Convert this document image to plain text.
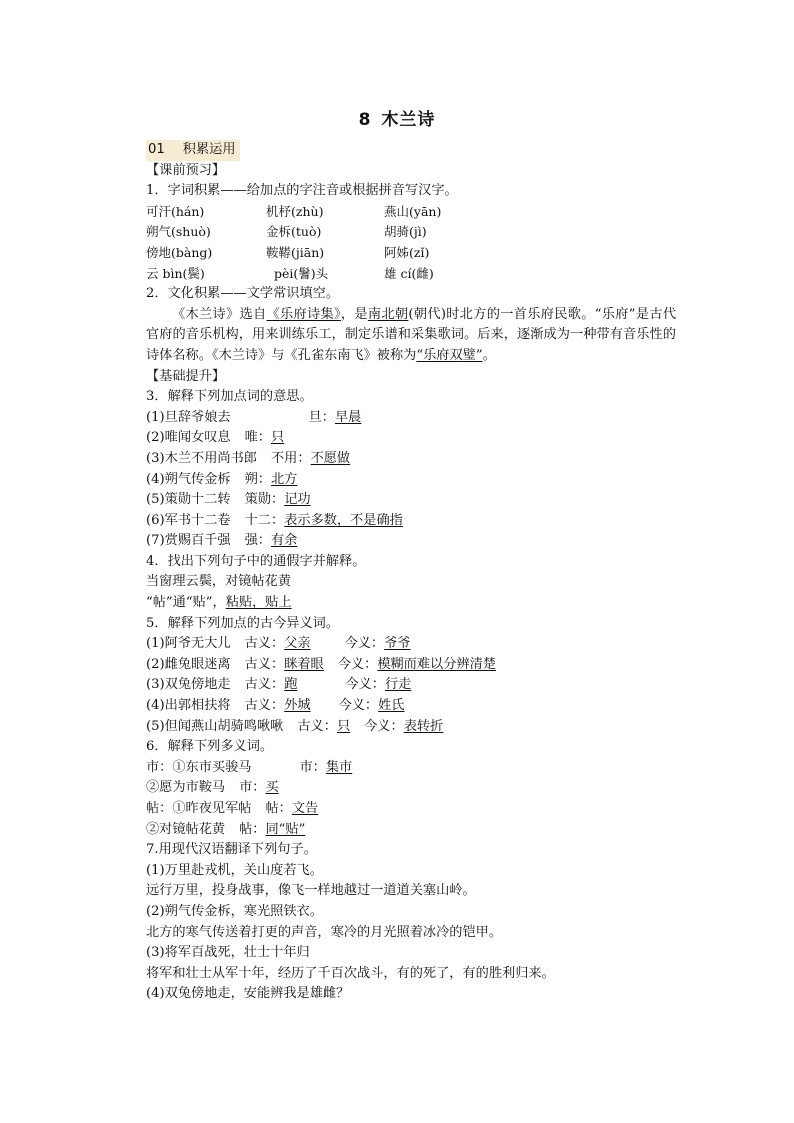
8 木兰诗
01 积累运用
【课前预习】
1．字词积累——给加点的字注音或根据拼音写汉字。
可汗(hán)	机杼(zhù)	燕山(yān)
朔气(shuò)	金柝(tuò)	胡骑(jì)
傍地(bàng)	鞍鞯(jiān)	阿姊(zǐ)
云 bìn(鬓)	pèi(鬐)头	雄 cí(雌)
2．文化积累——文学常识填空。
《木兰诗》选自《乐府诗集》，是南北朝(朝代)时北方的一首乐府民歌。“乐府”是古代官府的音乐机构，用来训练乐工，制定乐谱和采集歌词。后来，逐渐成为一种带有音乐性的诗体名称。《木兰诗》与《孔雀东南飞》被称为“乐府双璧”。
【基础提升】
3．解释下列加点词的意思。
(1)旦辞爷娘去	旦：早晨
(2)唯闻女叹息 唯：只
(3)木兰不用尚书郎 不用：不愿做
(4)朔气传金柝 朔：北方
(5)策勋十二转 策勋：记功
(6)军书十二卷 十二：表示多数，不是确指
(7)赏赐百千强 强：有余
4．找出下列句子中的通假字并解释。
当窗理云鬓，对镜帖花黄
“帖”通“贴”，粘贴，贴上
5．解释下列加点的古今异义词。
(1)阿爷无大儿 古义：父亲	今义：爷爷
(2)雌兔眼迷离 古义：眯着眼 今义：模糊而难以分辨清楚
(3)双兔傍地走 古义：跑	今义：行走
(4)出郭相扶将 古义：外城 今义：姓氏
(5)但闻燕山胡骑鸣啾啾 古义：只 今义：表转折
6．解释下列多义词。
市：①东市买骏马	市：集市
②愿为市鞍马 市：买
帖：①昨夜见军帖 帖：文告
②对镜帖花黄 帖：同“贴”
7.用现代汉语翻译下列句子。
(1)万里赴戎机，关山度若飞。
远行万里，投身战事，像飞一样地越过一道道关塞山岭。
(2)朔气传金柝，寒光照铁衣。
北方的寒气传送着打更的声音，寒冷的月光照着冰冷的铠甲。
(3)将军百战死，壮士十年归
将军和壮士从军十年，经历了千百次战斗，有的死了，有的胜利归来。
(4)双兔傍地走，安能辨我是雄雌？
